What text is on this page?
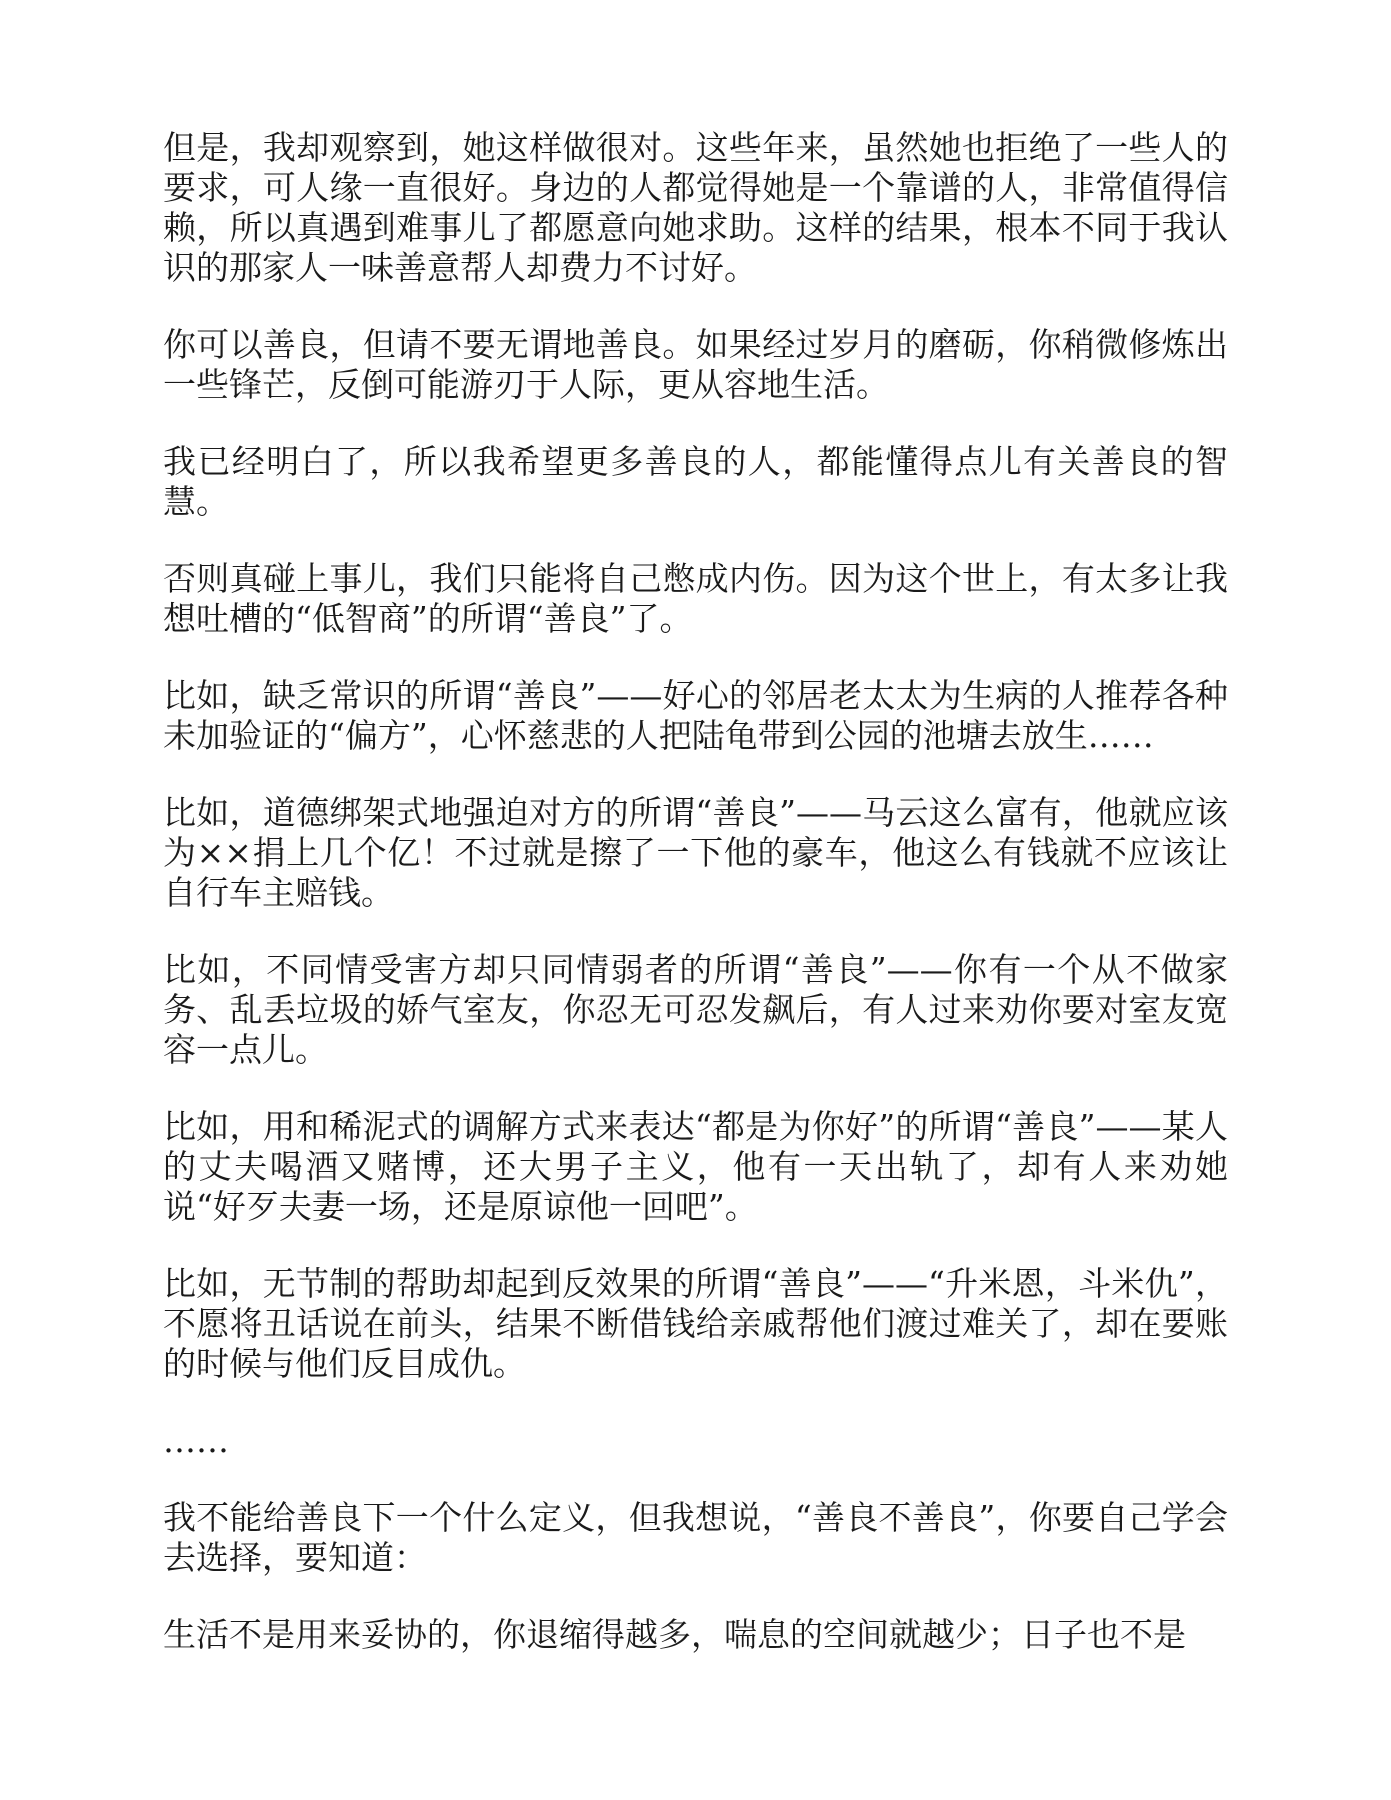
但是，我却观察到，她这样做很对。这些年来，虽然她也拒绝了一些人的要求，可人缘一直很好。身边的人都觉得她是一个靠谱的人，非常值得信赖，所以真遇到难事儿了都愿意向她求助。这样的结果，根本不同于我认识的那家人一味善意帮人却费力不讨好。

你可以善良，但请不要无谓地善良。如果经过岁月的磨砺，你稍微修炼出一些锋芒，反倒可能游刃于人际，更从容地生活。

我已经明白了，所以我希望更多善良的人，都能懂得点儿有关善良的智慧。

否则真碰上事儿，我们只能将自己憋成内伤。因为这个世上，有太多让我想吐槽的“低智商”的所谓“善良”了。

比如，缺乏常识的所谓“善良”——好心的邻居老太太为生病的人推荐各种未加验证的“偏方”，心怀慈悲的人把陆龟带到公园的池塘去放生……

比如，道德绑架式地强迫对方的所谓“善良”——马云这么富有，他就应该为××捐上几个亿！不过就是擦了一下他的豪车，他这么有钱就不应该让自行车主赔钱。

比如，不同情受害方却只同情弱者的所谓“善良”——你有一个从不做家务、乱丢垃圾的娇气室友，你忍无可忍发飙后，有人过来劝你要对室友宽容一点儿。

比如，用和稀泥式的调解方式来表达“都是为你好”的所谓“善良”——某人的丈夫喝酒又赌博，还大男子主义，他有一天出轨了，却有人来劝她说“好歹夫妻一场，还是原谅他一回吧”。

比如，无节制的帮助却起到反效果的所谓“善良”——“升米恩，斗米仇”，不愿将丑话说在前头，结果不断借钱给亲戚帮他们渡过难关了，却在要账的时候与他们反目成仇。

……

我不能给善良下一个什么定义，但我想说，“善良不善良”，你要自己学会去选择，要知道：

生活不是用来妥协的，你退缩得越多，喘息的空间就越少；日子也不是
